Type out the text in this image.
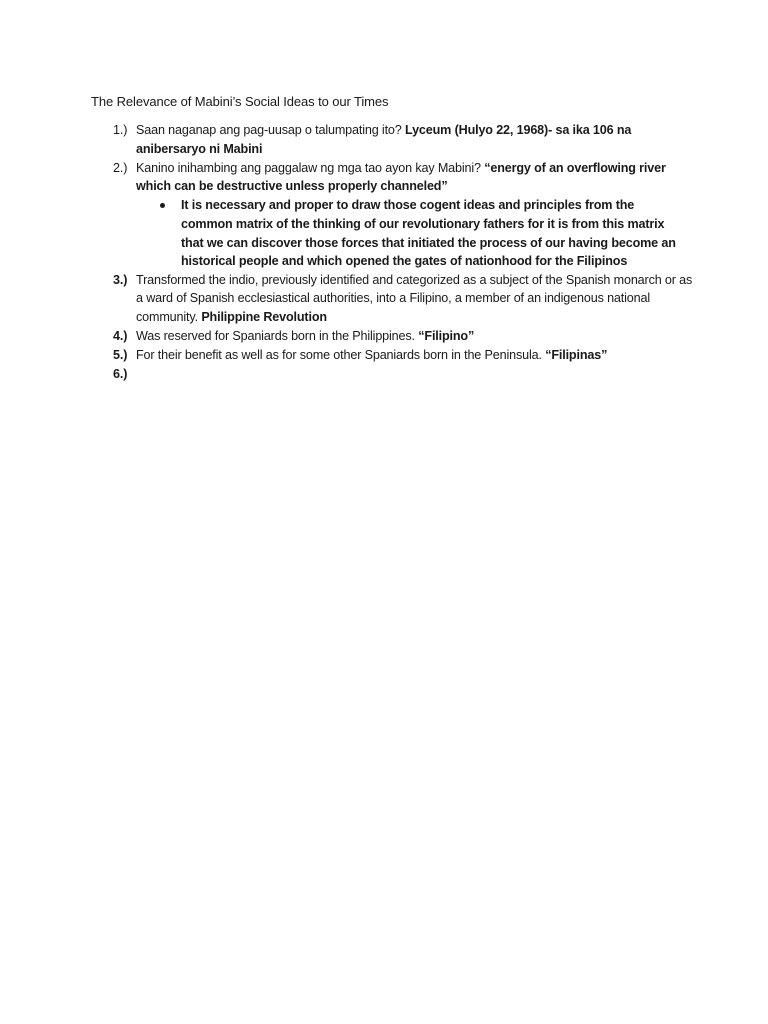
The Relevance of Mabini’s Social Ideas to our Times
1.) Saan naganap ang pag-uusap o talumpating ito? Lyceum (Hulyo 22, 1968)- sa ika 106 na anibersaryo ni Mabini
2.) Kanino inihambing ang paggalaw ng mga tao ayon kay Mabini? “energy of an overflowing river which can be destructive unless properly channeled”
It is necessary and proper to draw those cogent ideas and principles from the common matrix of the thinking of our revolutionary fathers for it is from this matrix that we can discover those forces that initiated the process of our having become an historical people and which opened the gates of nationhood for the Filipinos
3.) Transformed the indio, previously identified and categorized as a subject of the Spanish monarch or as a ward of Spanish ecclesiastical authorities, into a Filipino, a member of an indigenous national community. Philippine Revolution
4.) Was reserved for Spaniards born in the Philippines. “Filipino”
5.) For their benefit as well as for some other Spaniards born in the Peninsula. “Filipinas”
6.)
